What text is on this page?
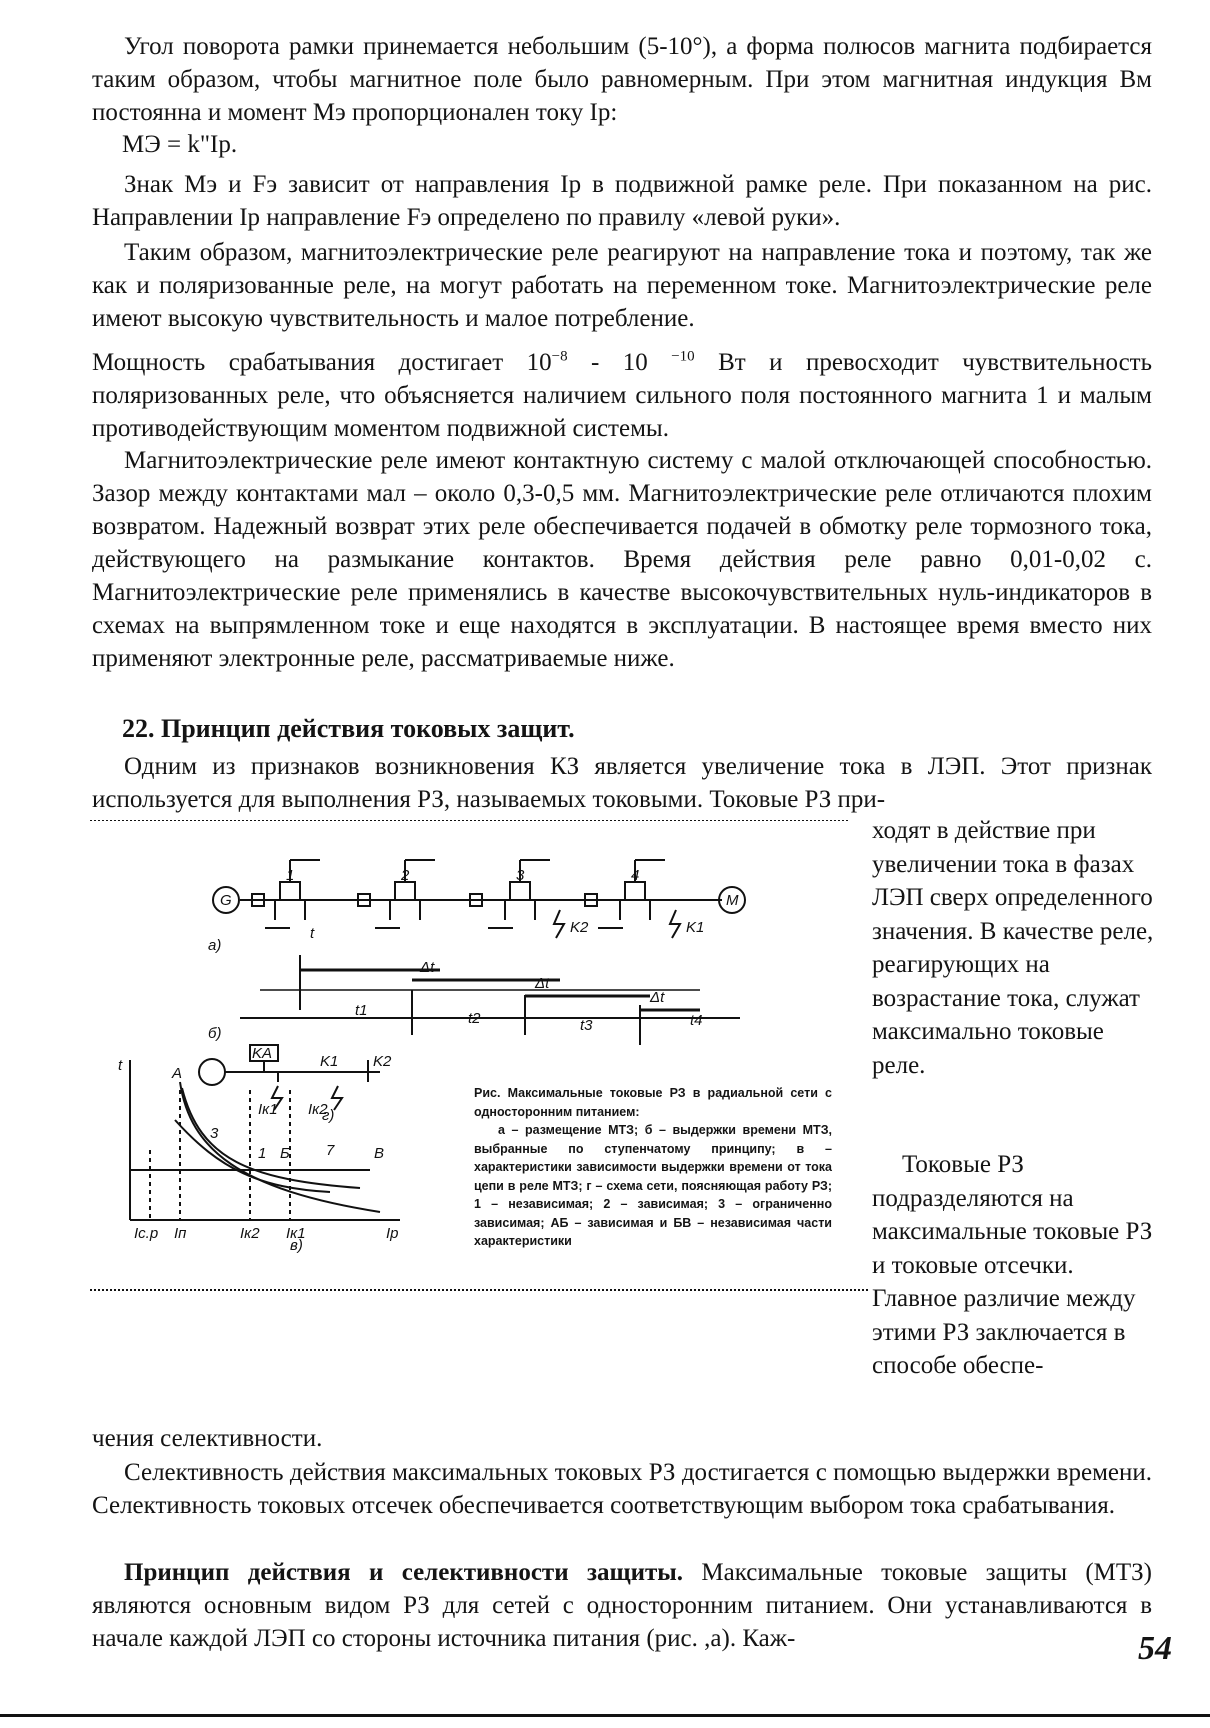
Угол поворота рамки принемается небольшим (5-10°), а форма полюсов магнита подбирается таким образом, чтобы магнитное поле было равномерным. При этом магнитная индукция Вм постоянна и момент Мэ пропорционален току Iр:

МЭ = k"Iр.

Знак Мэ и Fэ зависит от направления Iр в подвижной рамке реле. При показанном на рис. Направлении Iр направление Fэ определено по правилу «левой руки».

Таким образом, магнитоэлектрические реле реагируют на направление тока и поэтому, так же как и поляризованные реле, на могут работать на переменном токе. Магнитоэлектрические реле имеют высокую чувствительность и малое потребление.

Мощность срабатывания достигает $10^{-8} - 10$ $^{-10}$ Вт и превосходит чувствительность поляризованных реле, что объясняется наличием сильного поля постоянного магнита 1 и малым противодействующим моментом подвижной системы.

Магнитоэлектрические реле имеют контактную систему с малой отключающей способностью. Зазор между контактами мал – около 0,3-0,5 мм. Магнитоэлектрические реле отличаются плохим возвратом. Надежный возврат этих реле обеспечивается подачей в обмотку реле тормозного тока, действующего на размыкание контактов. Время действия реле равно 0,01-0,02 с. Магнитоэлектрические реле применялись в качестве высокочувствительных нуль-индикаторов в схемах на выпрямленном токе и еще находятся в эксплуатации. В настоящее время вместо них применяют электронные реле, рассматриваемые ниже.

22. Принцип действия токовых защит.

Одним из признаков возникновения КЗ является увеличение тока в ЛЭП. Этот признак используется для выполнения РЗ, называемых токовыми. Токовые РЗ при-

ходят в действие при увеличении тока в фазах ЛЭП сверх определенного значения. В качестве реле, реагирующих на возрастание тока, служат максимально токовые реле.

Токовые РЗ подразделяются на максимальные токовые РЗ и токовые отсечки. Главное различие между этими РЗ заключается в способе обеспе-

1	2	3	4
G	M
а)
б)
в)
г)
t
t1	t2	t3	t4
Δt
Δt
Δt
K2	K1
KA	K1 K2
Iк1 Iк2
A
3
1 Б 7	В
t
Iс.р Iп	Iк2 Iк1	Iр

Рис. Максимальные токовые РЗ в радиальной сети с односторонним питанием:
а – размещение МТЗ; б – выдержки времени МТЗ, выбранные по ступенчатому принципу; в – характеристики зависимости выдержки времени от тока цепи в реле МТЗ; г – схема сети, поясняющая работу РЗ; 1 – независимая; 2 – зависимая; 3 – ограниченно зависимая; АБ – зависимая и БВ – независимая части характеристики

чения селективности.

Селективность действия максимальных токовых РЗ достигается с помощью выдержки времени. Селективность токовых отсечек обеспечивается соответствующим выбором тока срабатывания.

Принцип действия и селективности защиты. Максимальные токовые защиты (МТЗ) являются основным видом РЗ для сетей с односторонним питанием. Они устанавливаются в начале каждой ЛЭП со стороны источника питания (рис. ,а). Каж-	54
